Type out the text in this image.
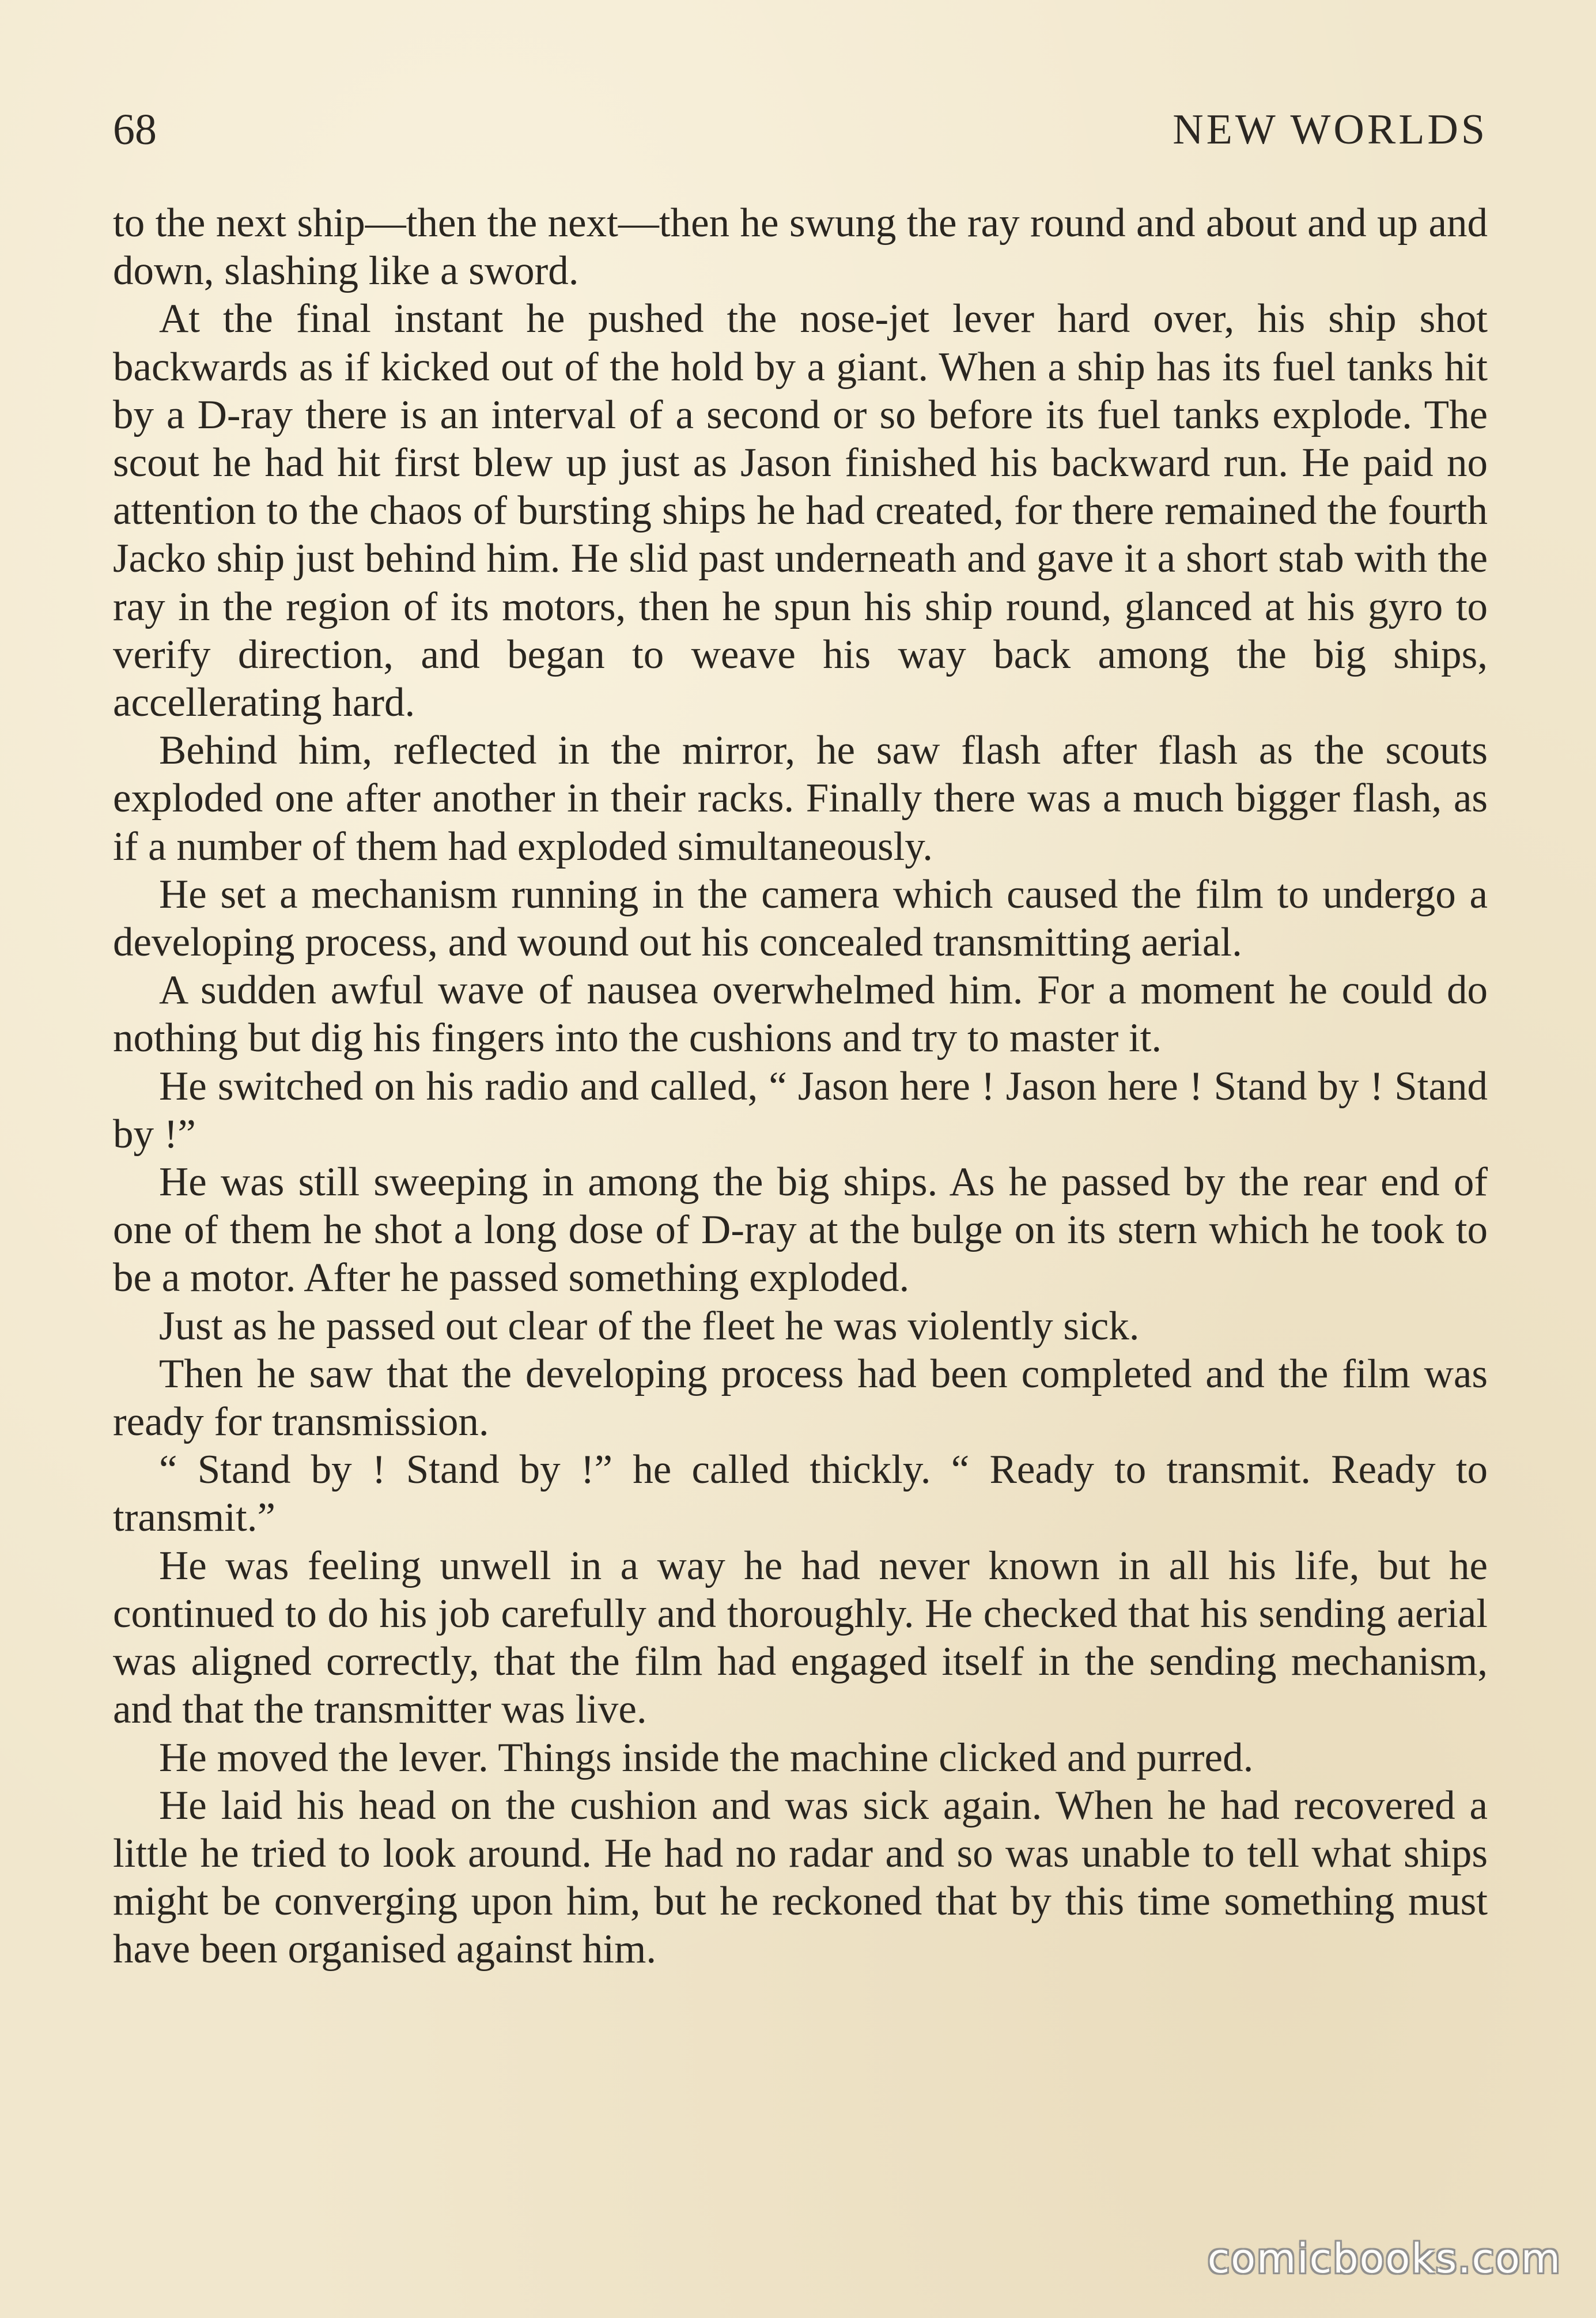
68	NEW WORLDS

to the next ship—then the next—then he swung the ray round and about and up and down, slashing like a sword.

At the final instant he pushed the nose-jet lever hard over, his ship shot backwards as if kicked out of the hold by a giant. When a ship has its fuel tanks hit by a D-ray there is an interval of a second or so before its fuel tanks explode. The scout he had hit first blew up just as Jason finished his backward run. He paid no attention to the chaos of bursting ships he had created, for there remained the fourth Jacko ship just behind him. He slid past underneath and gave it a short stab with the ray in the region of its motors, then he spun his ship round, glanced at his gyro to verify direction, and began to weave his way back among the big ships, accellerating hard.

Behind him, reflected in the mirror, he saw flash after flash as the scouts exploded one after another in their racks. Finally there was a much bigger flash, as if a number of them had exploded simultaneously.

He set a mechanism running in the camera which caused the film to undergo a developing process, and wound out his concealed transmitting aerial.

A sudden awful wave of nausea overwhelmed him. For a moment he could do nothing but dig his fingers into the cushions and try to master it.

He switched on his radio and called, “ Jason here ! Jason here ! Stand by ! Stand by !”

He was still sweeping in among the big ships. As he passed by the rear end of one of them he shot a long dose of D-ray at the bulge on its stern which he took to be a motor. After he passed something exploded.

Just as he passed out clear of the fleet he was violently sick.

Then he saw that the developing process had been completed and the film was ready for transmission.

“ Stand by ! Stand by !” he called thickly. “ Ready to transmit. Ready to transmit.”

He was feeling unwell in a way he had never known in all his life, but he continued to do his job carefully and thoroughly. He checked that his sending aerial was aligned correctly, that the film had engaged itself in the sending mechanism, and that the transmitter was live.

He moved the lever. Things inside the machine clicked and purred.

He laid his head on the cushion and was sick again. When he had recovered a little he tried to look around. He had no radar and so was unable to tell what ships might be converging upon him, but he reckoned that by this time something must have been organised against him.

comicbooks.com
